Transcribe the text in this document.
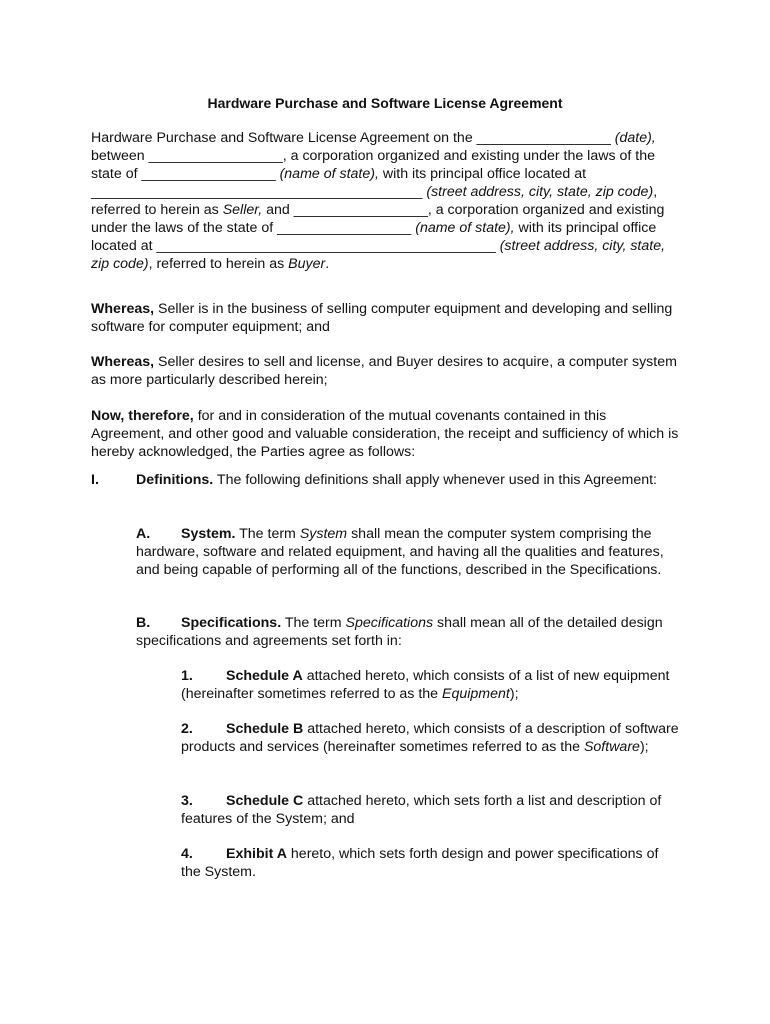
Hardware Purchase and Software License Agreement

Hardware Purchase and Software License Agreement on the _________________ (date), between _________________, a corporation organized and existing under the laws of the state of _________________ (name of state), with its principal office located at __________________________________________ (street address, city, state, zip code), referred to herein as Seller, and _________________, a corporation organized and existing under the laws of the state of _________________ (name of state), with its principal office located at ___________________________________________ (street address, city, state, zip code), referred to herein as Buyer.

Whereas, Seller is in the business of selling computer equipment and developing and selling software for computer equipment; and

Whereas, Seller desires to sell and license, and Buyer desires to acquire, a computer system as more particularly described herein;

Now, therefore, for and in consideration of the mutual covenants contained in this Agreement, and other good and valuable consideration, the receipt and sufficiency of which is hereby acknowledged, the Parties agree as follows:

I.	Definitions. The following definitions shall apply whenever used in this Agreement:

A. System. The term System shall mean the computer system comprising the hardware, software and related equipment, and having all the qualities and features, and being capable of performing all of the functions, described in the Specifications.

B. Specifications. The term Specifications shall mean all of the detailed design specifications and agreements set forth in:

1. Schedule A attached hereto, which consists of a list of new equipment (hereinafter sometimes referred to as the Equipment);

2. Schedule B attached hereto, which consists of a description of software products and services (hereinafter sometimes referred to as the Software);

3. Schedule C attached hereto, which sets forth a list and description of features of the System; and

4. Exhibit A hereto, which sets forth design and power specifications of the System.
